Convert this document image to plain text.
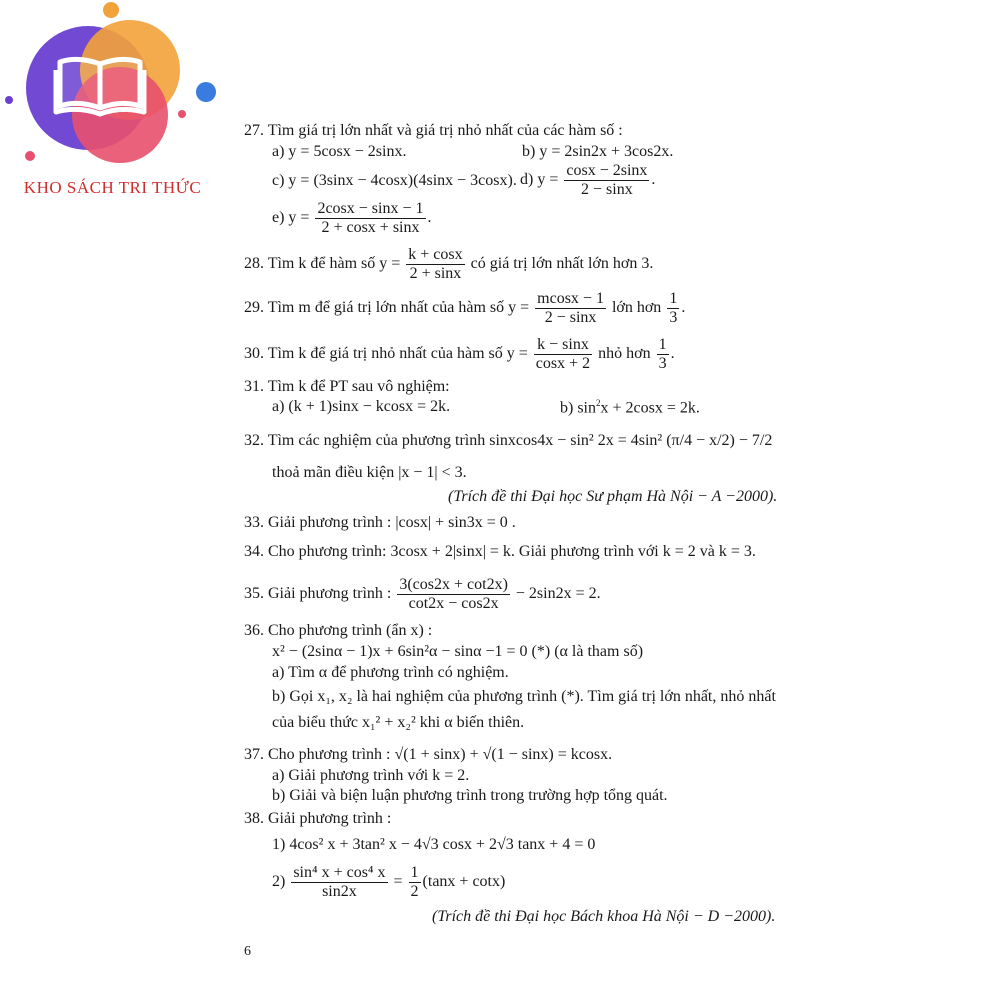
KHO SÁCH TRI THỨC
27. Tìm giá trị lớn nhất và giá trị nhỏ nhất của các hàm số :
a) y = 5cosx − 2sinx.	b) y = 2sin2x + 3cos2x.
c) y = (3sinx − 4cosx)(4sinx − 3cosx). d) $y = \frac{\cos x - 2\sin x}{2 - \sin x}$ .
e) $y = \frac{2\cos x - \sin x - 1}{2 + \cos x + \sin x}$ .
28. Tìm k để hàm số $y = \frac{k + \cos x}{2 + \sin x}$ có giá trị lớn nhất lớn hơn 3.
29. Tìm m để giá trị lớn nhất của hàm số $y = \frac{mcosx - 1}{2 - \sin x}$ lớn hơn $\frac{1}{3}$ .
30. Tìm k để giá trị nhỏ nhất của hàm số $y = \frac{k - \sin x}{\cos x + 2}$ nhỏ hơn $\frac{1}{3}$ .
31. Tìm k để PT sau vô nghiệm:
a) (k + 1)sinx − kcosx = 2k.	b) $\sin^2x + 2\cos x = 2k$.
32. Tìm các nghiệm của phương trình sinxcos4x − sin² 2x = 4sin² (π/4 − x/2) − 7/2
thoả mãn điều kiện |x − 1| < 3.
(Trích đề thi Đại học Sư phạm Hà Nội − A −2000).
33. Giải phương trình : |cosx| + sin3x = 0 .
34. Cho phương trình: 3cosx + 2|sinx| = k. Giải phương trình với k = 2 và k = 3.
35. Giải phương trình : $\frac{3(\cos 2x + \cot 2x)}{\cot 2x - \cos 2x} - 2\sin 2x = 2$.
36. Cho phương trình (ẩn x) :
x² − (2sinα − 1)x + 6sin²α − sinα −1 = 0 (*) (α là tham số)
a) Tìm α để phương trình có nghiệm.
b) Gọi x₁, x₂ là hai nghiệm của phương trình (*). Tìm giá trị lớn nhất, nhỏ nhất
của biểu thức x₁² + x₂² khi α biến thiên.
37. Cho phương trình : √(1 + sinx) + √(1 − sinx) = kcosx.
a) Giải phương trình với k = 2.
b) Giải và biện luận phương trình trong trường hợp tổng quát.
38. Giải phương trình :
1) 4cos² x + 3tan² x − 4√3 cosx + 2√3 tanx + 4 = 0
$2) \frac{\text{sin⁴ x + cos⁴ x}}{\sin 2x} = \frac{1}{2} (\tan x + \cot x)$
(Trích đề thi Đại học Bách khoa Hà Nội − D −2000).
6
